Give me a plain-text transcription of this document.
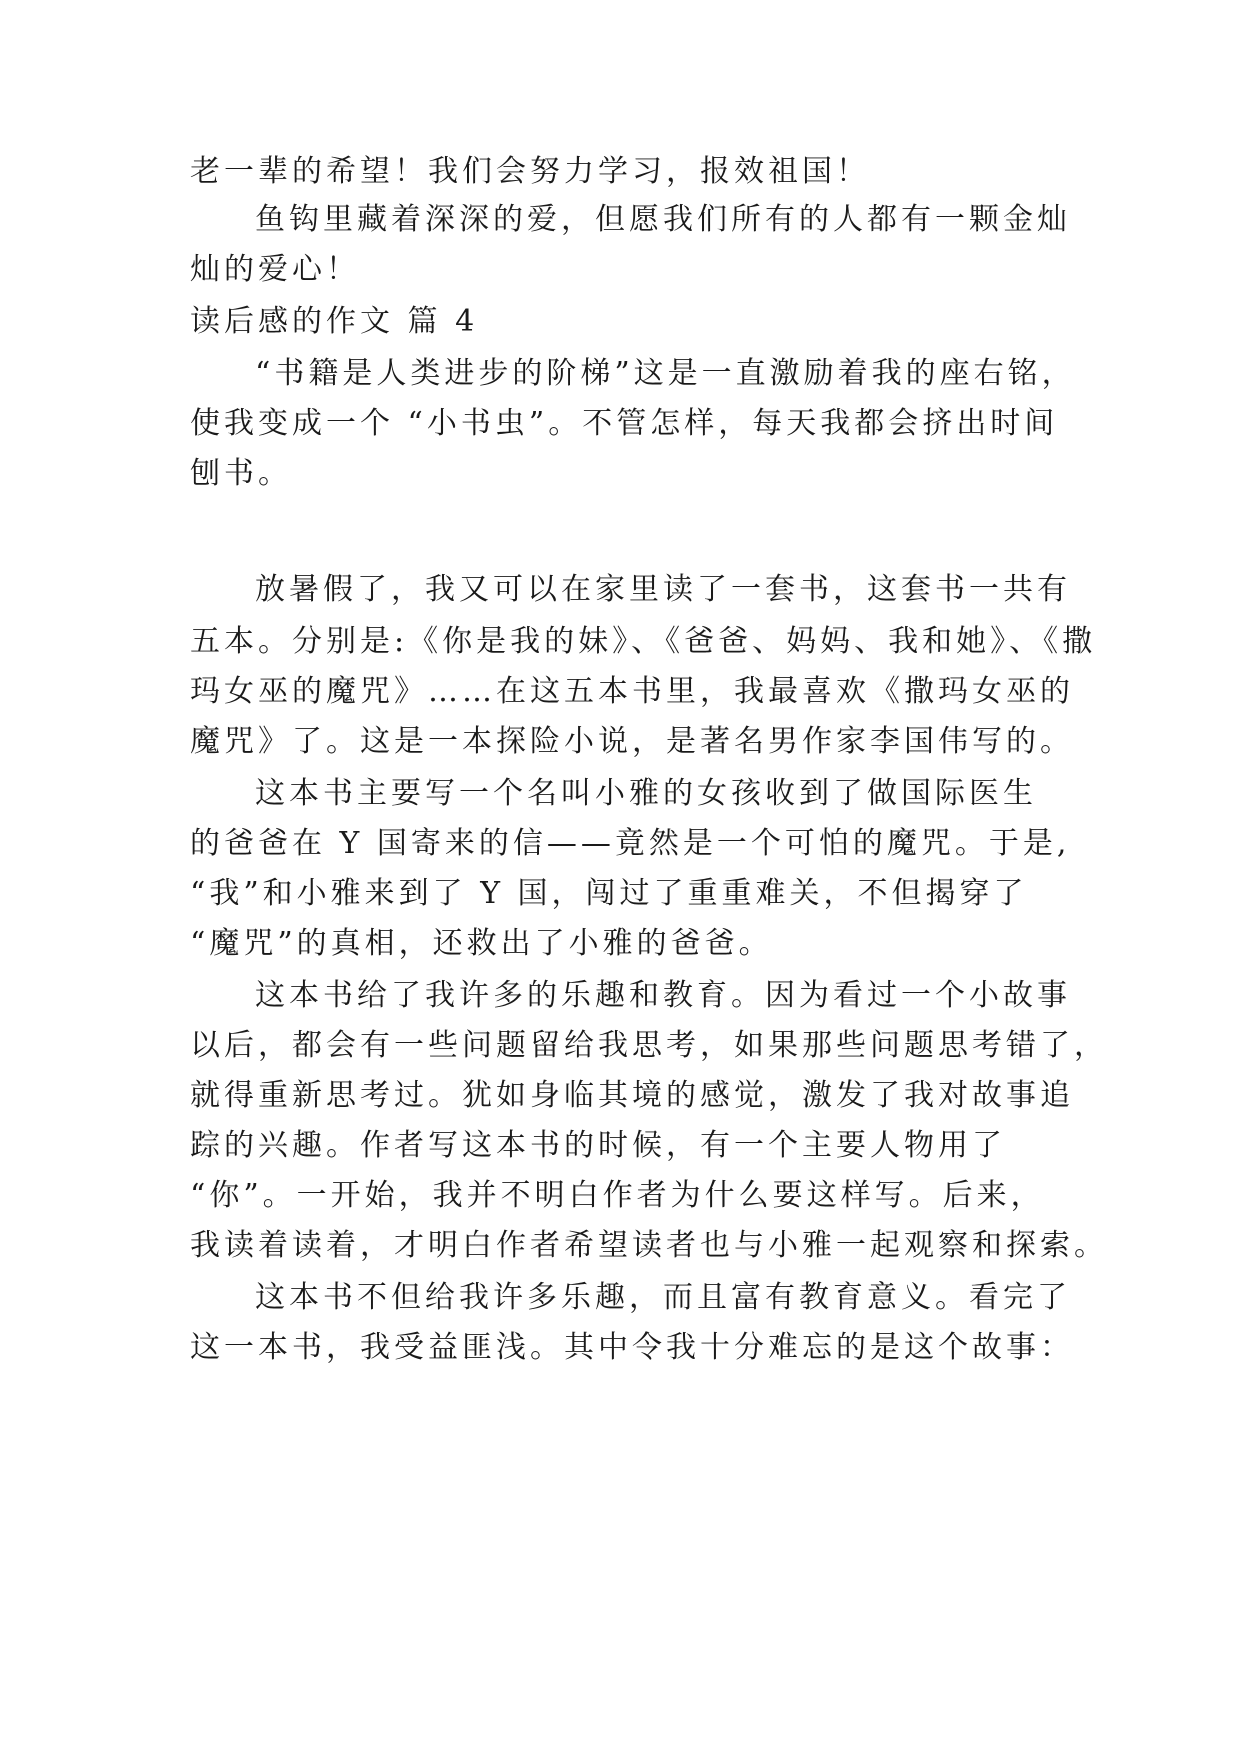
老一辈的希望！我们会努力学习，报效祖国！
鱼钩里藏着深深的爱，但愿我们所有的人都有一颗金灿
灿的爱心！
读后感的作文 篇 4
“书籍是人类进步的阶梯”这是一直激励着我的座右铭，
使我变成一个 “小书虫”。不管怎样，每天我都会挤出时间
刨书。
放暑假了，我又可以在家里读了一套书，这套书一共有
五本。分别是:《你是我的妹》、《爸爸、妈妈、我和她》、《撒
玛女巫的魔咒》……在这五本书里，我最喜欢《撒玛女巫的
魔咒》了。这是一本探险小说，是著名男作家李国伟写的。
这本书主要写一个名叫小雅的女孩收到了做国际医生
的爸爸在 Y 国寄来的信——竟然是一个可怕的魔咒。于是,
“我”和小雅来到了 Y 国，闯过了重重难关，不但揭穿了
“魔咒”的真相，还救出了小雅的爸爸。
这本书给了我许多的乐趣和教育。因为看过一个小故事
以后，都会有一些问题留给我思考，如果那些问题思考错了，
就得重新思考过。犹如身临其境的感觉，激发了我对故事追
踪的兴趣。作者写这本书的时候，有一个主要人物用了
“你”。一开始，我并不明白作者为什么要这样写。后来，
我读着读着，才明白作者希望读者也与小雅一起观察和探索。
这本书不但给我许多乐趣，而且富有教育意义。看完了
这一本书，我受益匪浅。其中令我十分难忘的是这个故事：
